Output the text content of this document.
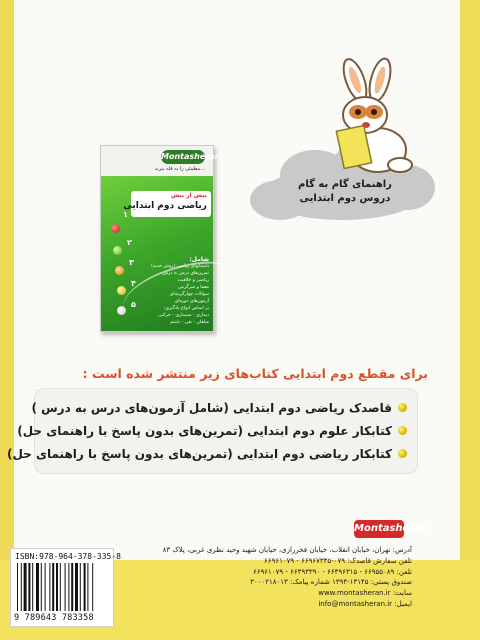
Montasheran
مطمئن را به قله ببرید...
بیش از بیش
ریاضی دوم ابتدایی
۱
۲
۳
۴
۵
شامل:
داستانهای ریاضی (روش جدید)
تمرین‌های درس به درس
ریاضی و خلاقیت
معما و سرگرمی
سوالات چهارگزینه‌ای
آزمون‌های دوره‌ای
بر اساس انواع یادگیری:
دیداری - شنیداری - حرکتی
میلفان - نقی - نابنتم
راهنمای گام به گام
دروس دوم ابتدایی
برای مقطع دوم ابتدایی کتاب‌های زیر منتشر شده است :
قاصدک ریاضی دوم ابتدایی (شامل آزمون‌های درس به درس )
کتابکار علوم دوم ابتدایی (تمرین‌های بدون پاسخ با راهنمای حل)
کتابکار ریاضی دوم ابتدایی (تمرین‌های بدون پاسخ با راهنمای حل)
Montasheran
آدرس: تهران، خیابان انقلاب، خیابان فخررازی، خیابان شهید وحید نظری غربی، پلاک ۸۳
تلفن سفارش قاصدک: ۰۷۹-۶۶۹۶۷۳۳۵ - ۶۶۹۶۱۰۷۹
تلفن: ۶۶۹۵۵۰۸۹ - ۶۶۴۹۶۳۱۵ - ۶۶۴۹۳۳۹۰ - ۶۶۹۶۱۰۷۹
صندوق پستی: ۱۳۱۴۵-۱۳۹۴ شماره پیامک: ۳۰۰۰۲۱۸۰۱۳
سایت: www.montasheran.ir
ایمیل: info@montasheran.ir
ISBN:978-964-378-335-8
9 789643 783358
